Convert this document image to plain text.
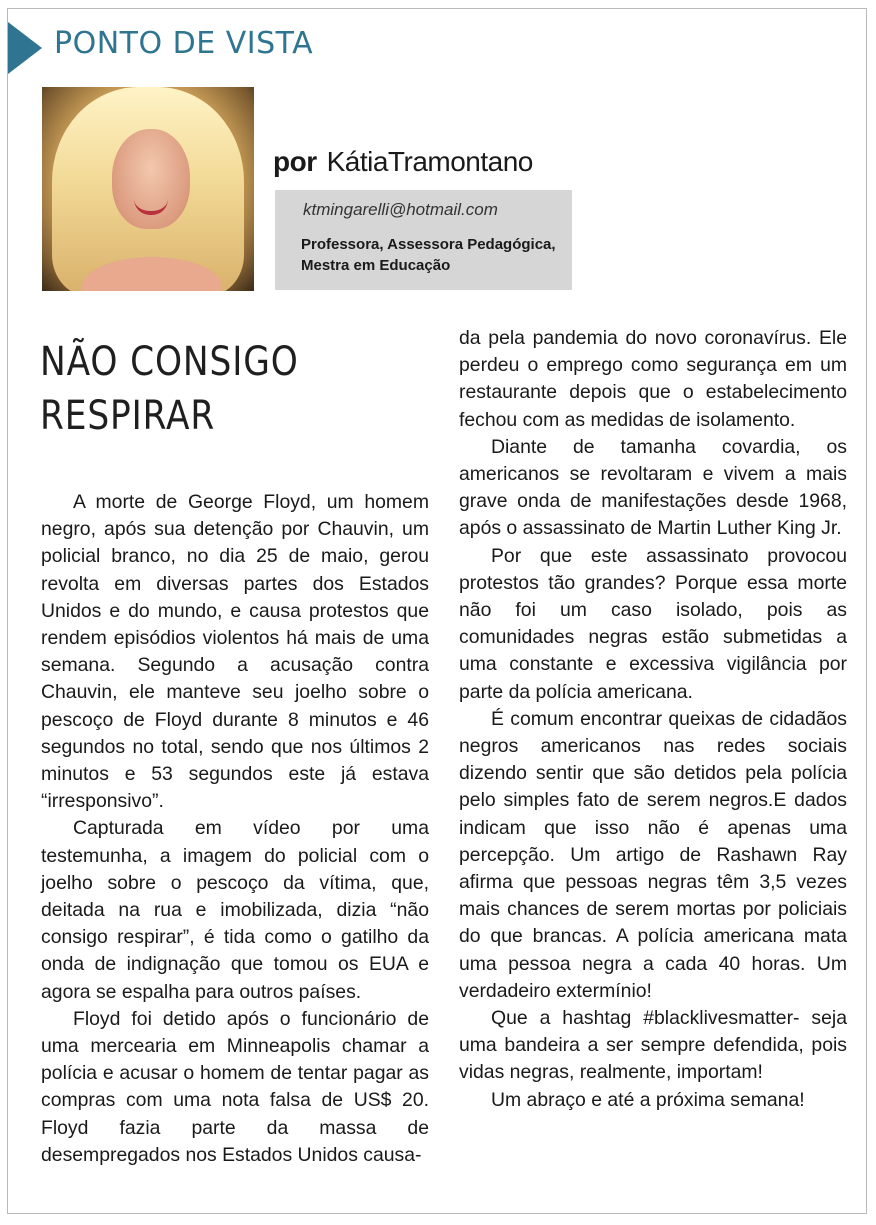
PONTO DE VISTA

por KátiaTramontano

ktmingarelli@hotmail.com
Professora, Assessora Pedagógica, Mestra em Educação
NÃO CONSIGO RESPIRAR

A morte de George Floyd, um homem negro, após sua detenção por Chauvin, um policial branco, no dia 25 de maio, gerou revolta em diversas partes dos Estados Unidos e do mundo, e causa protestos que rendem episódios violentos há mais de uma semana. Segundo a acusação contra Chauvin, ele manteve seu joelho sobre o pescoço de Floyd durante 8 minutos e 46 segundos no total, sendo que nos últimos 2 minutos e 53 segundos este já estava “irresponsivo”.

Capturada em vídeo por uma testemunha, a imagem do policial com o joelho sobre o pescoço da vítima, que, deitada na rua e imobilizada, dizia “não consigo respirar”, é tida como o gatilho da onda de indignação que tomou os EUA e agora se espalha para outros países.

Floyd foi detido após o funcionário de uma mercearia em Minneapolis chamar a polícia e acusar o homem de tentar pagar as compras com uma nota falsa de US$ 20. Floyd fazia parte da massa de desempregados nos Estados Unidos causa-

da pela pandemia do novo coronavírus. Ele perdeu o emprego como segurança em um restaurante depois que o estabelecimento fechou com as medidas de isolamento.

Diante de tamanha covardia, os americanos se revoltaram e vivem a mais grave onda de manifestações desde 1968, após o assassinato de Martin Luther King Jr.

Por que este assassinato provocou protestos tão grandes? Porque essa morte não foi um caso isolado, pois as comunidades negras estão submetidas a uma constante e excessiva vigilância por parte da polícia americana.

É comum encontrar queixas de cidadãos negros americanos nas redes sociais dizendo sentir que são detidos pela polícia pelo simples fato de serem negros.E dados indicam que isso não é apenas uma percepção. Um artigo de Rashawn Ray afirma que pessoas negras têm 3,5 vezes mais chances de serem mortas por policiais do que brancas. A polícia americana mata uma pessoa negra a cada 40 horas. Um verdadeiro extermínio!

Que a hashtag #blacklivesmatter- seja uma bandeira a ser sempre defendida, pois vidas negras, realmente, importam!

Um abraço e até a próxima semana!
